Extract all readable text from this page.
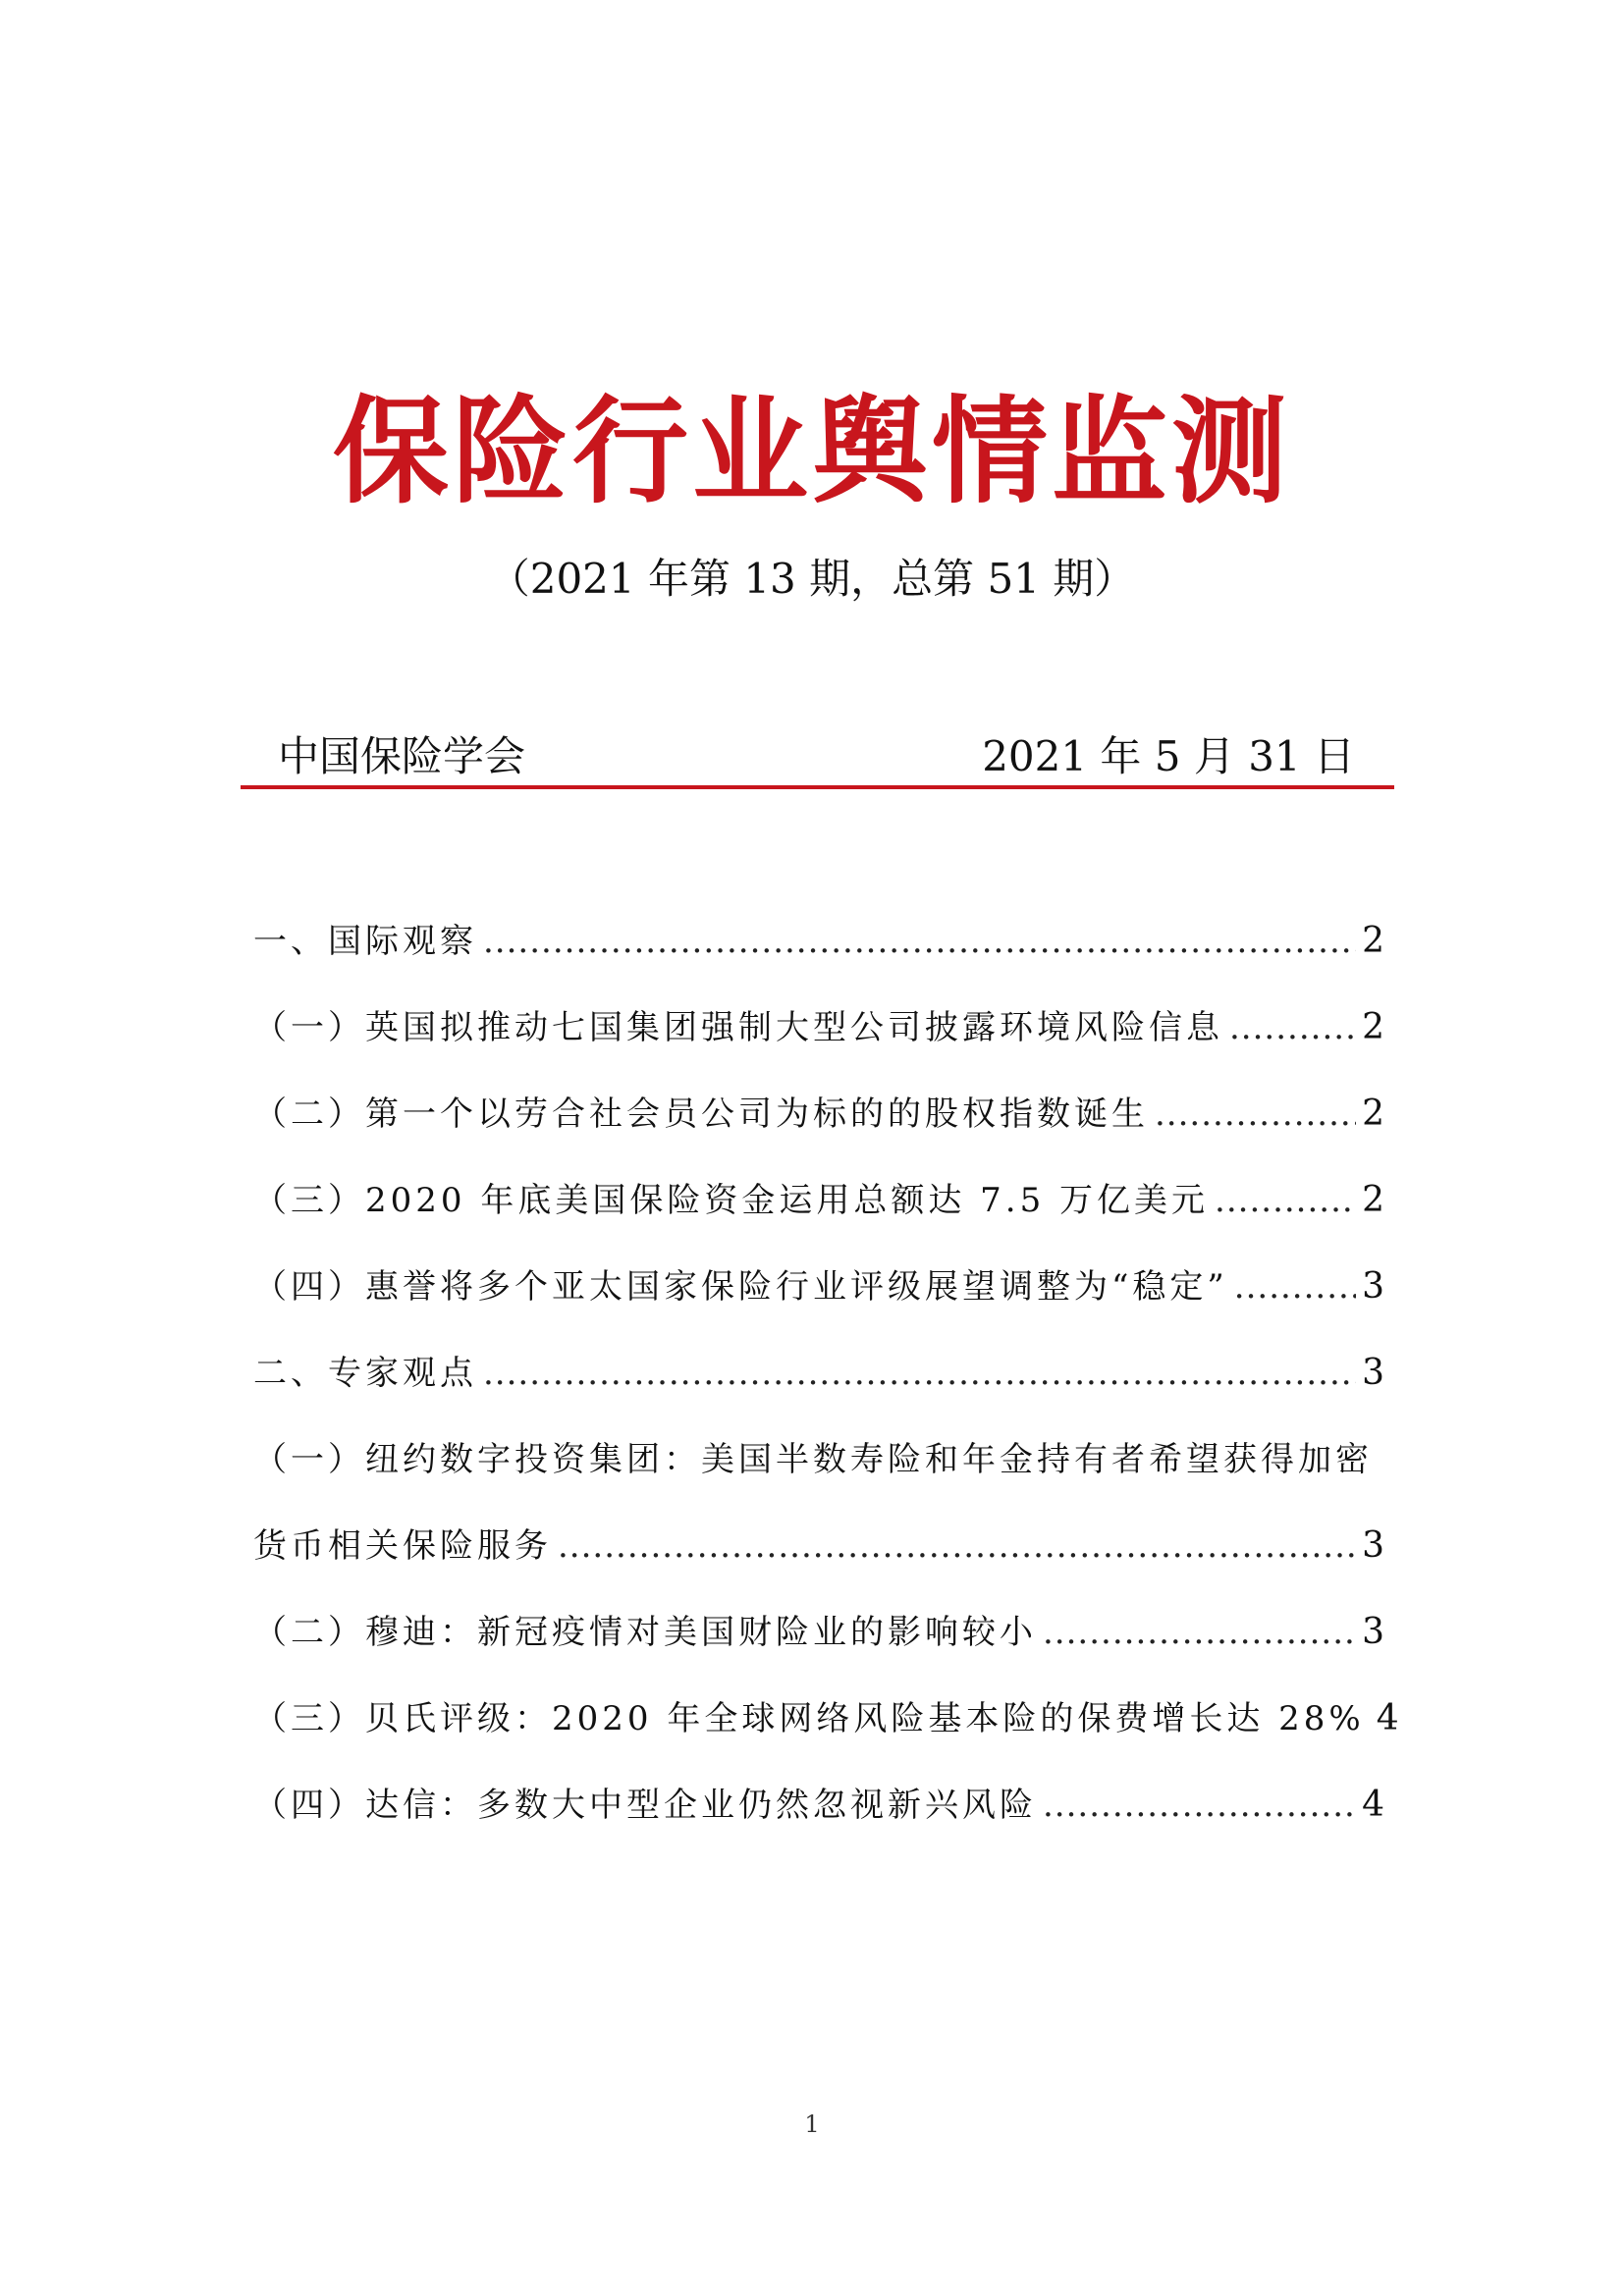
保险行业舆情监测
（2021 年第 13 期，总第 51 期）
中国保险学会	2021 年 5 月 31 日
一、国际观察 .....	2
（一）英国拟推动七国集团强制大型公司披露环境风险信息 .....	2
（二）第一个以劳合社会员公司为标的的股权指数诞生 .....	2
（三）2020 年底美国保险资金运用总额达 7.5 万亿美元 .....	2
（四）惠誉将多个亚太国家保险行业评级展望调整为“稳定” .....	3
二、专家观点 .....	3
（一）纽约数字投资集团：美国半数寿险和年金持有者希望获得加密
货币相关保险服务 .....	3
（二）穆迪：新冠疫情对美国财险业的影响较小 .....	3
（三）贝氏评级：2020 年全球网络风险基本险的保费增长达 28% 4
（四）达信：多数大中型企业仍然忽视新兴风险 .....	4
1
